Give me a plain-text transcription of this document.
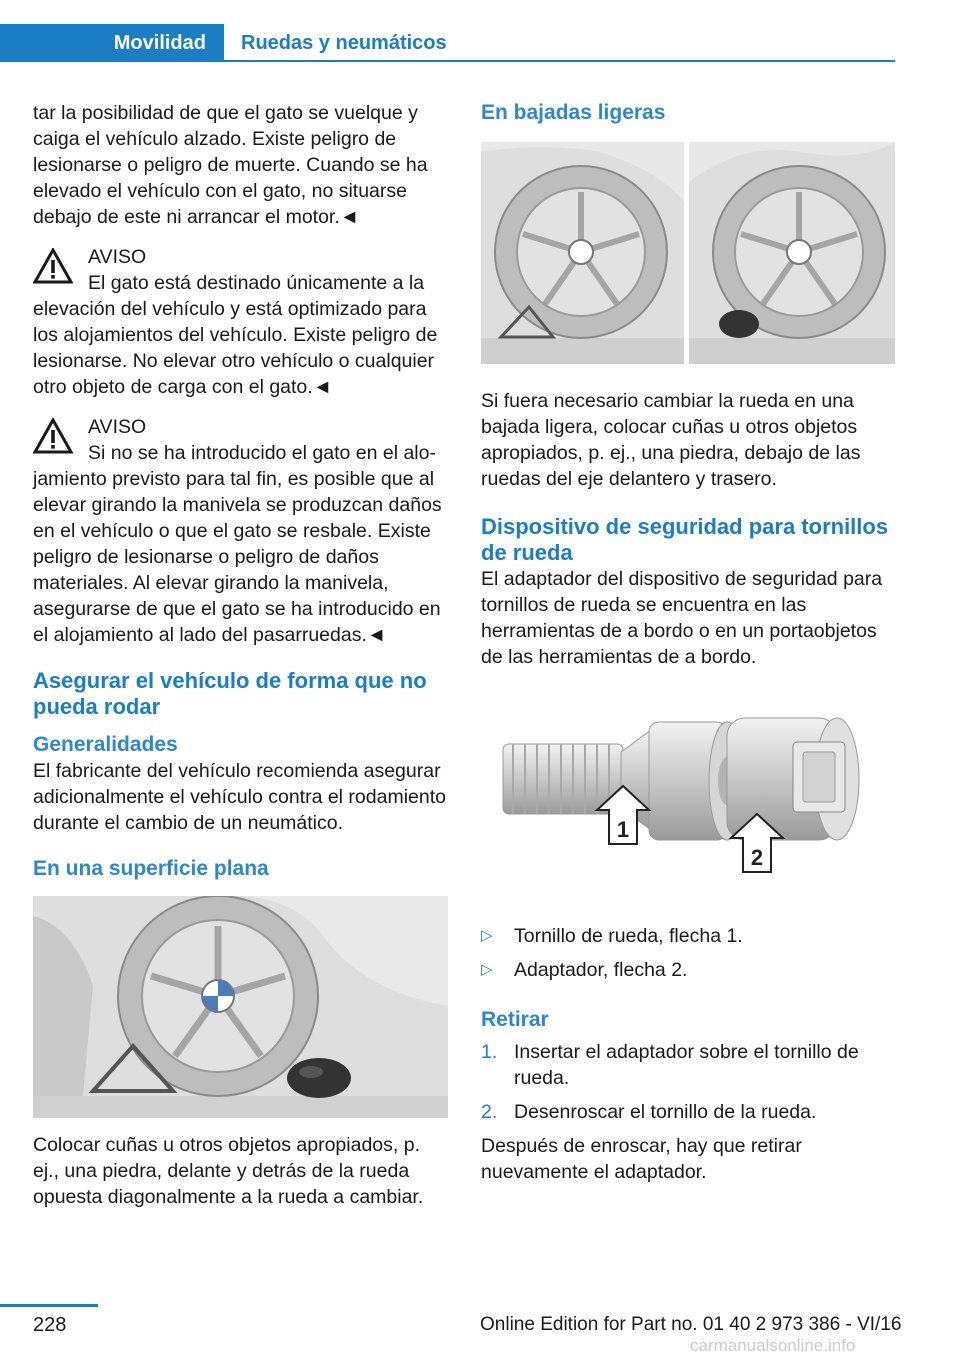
Movilidad	Ruedas y neumáticos

tar la posibilidad de que el gato se vuelque y caiga el vehículo alzado. Existe peligro de lesionarse o peligro de muerte. Cuando se ha elevado el vehículo con el gato, no situarse debajo de este ni arrancar el motor.◄

AVISO

El gato está destinado únicamente a la

elevación del vehículo y está optimizado para los alojamientos del vehículo. Existe peligro de lesionarse. No elevar otro vehículo o cualquier otro objeto de carga con el gato.◄

AVISO

Si no se ha introducido el gato en el alo-

jamiento previsto para tal fin, es posible que al elevar girando la manivela se produzcan daños en el vehículo o que el gato se resbale. Existe peligro de lesionarse o peligro de daños materiales. Al elevar girando la manivela, asegurarse de que el gato se ha introducido en el alojamiento al lado del pasarruedas.◄

Asegurar el vehículo de forma que no pueda rodar
Generalidades

El fabricante del vehículo recomienda asegurar adicionalmente el vehículo contra el rodamiento durante el cambio de un neumático.

En una superficie plana

Colocar cuñas u otros objetos apropiados, p. ej., una piedra, delante y detrás de la rueda opuesta diagonalmente a la rueda a cambiar.

En bajadas ligeras

Si fuera necesario cambiar la rueda en una bajada ligera, colocar cuñas u otros objetos apropiados, p. ej., una piedra, debajo de las ruedas del eje delantero y trasero.

Dispositivo de seguridad para tornillos de rueda

El adaptador del dispositivo de seguridad para tornillos de rueda se encuentra en las herramientas de a bordo o en un portaobjetos de las herramientas de a bordo.

1
2
▷ Tornillo de rueda, flecha 1.
▷ Adaptador, flecha 2.
Retirar
1. Insertar el adaptador sobre el tornillo de rueda.
2. Desenroscar el tornillo de la rueda.

Después de enroscar, hay que retirar nuevamente el adaptador.

228	Online Edition for Part no. 01 40 2 973 386 - VI/16
carmanualsonline.info
